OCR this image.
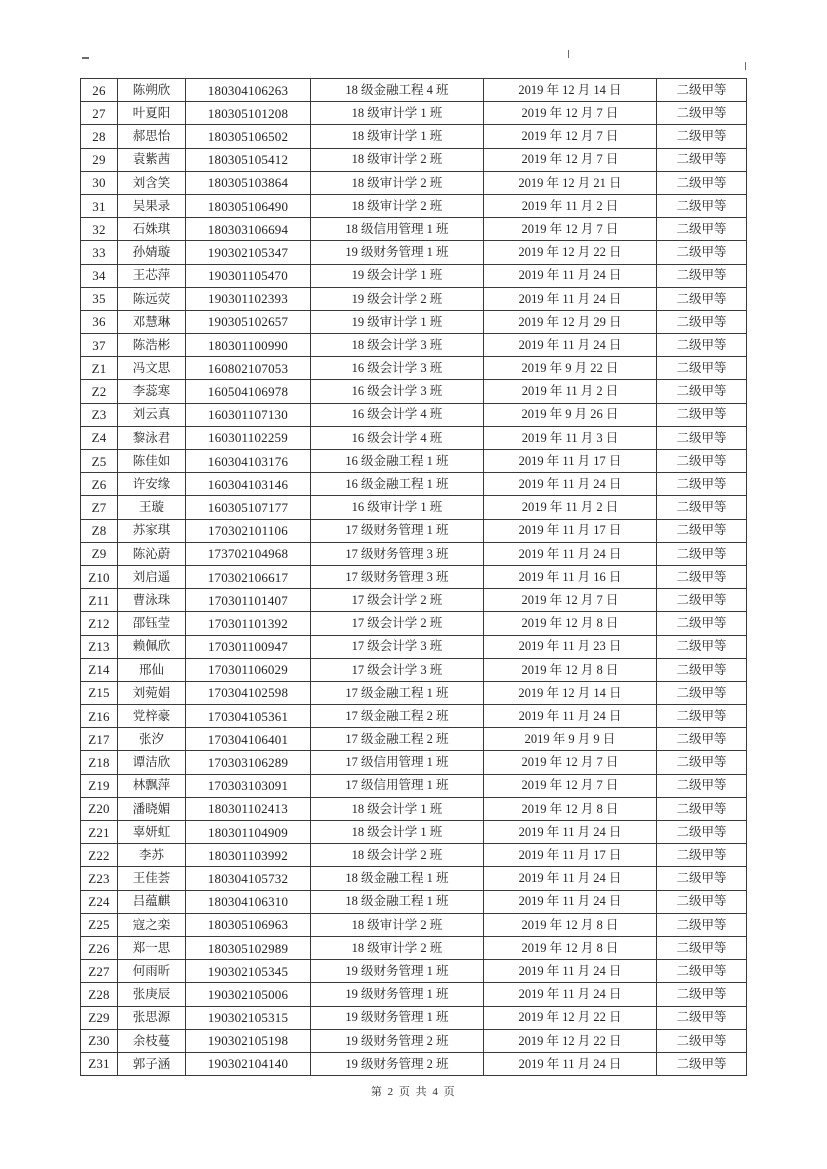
26	陈朔欣	180304106263	18 级金融工程 4 班	2019 年 12 月 14 日	二级甲等
27	叶夏阳	180305101208	18 级审计学 1 班	2019 年 12 月 7 日	二级甲等
28	郝思怡	180305106502	18 级审计学 1 班	2019 年 12 月 7 日	二级甲等
29	袁紫茜	180305105412	18 级审计学 2 班	2019 年 12 月 7 日	二级甲等
30	刘含笑	180305103864	18 级审计学 2 班	2019 年 12 月 21 日	二级甲等
31	吴果录	180305106490	18 级审计学 2 班	2019 年 11 月 2 日	二级甲等
32	石姝琪	180303106694	18 级信用管理 1 班	2019 年 12 月 7 日	二级甲等
33	孙婧璇	190302105347	19 级财务管理 1 班	2019 年 12 月 22 日	二级甲等
34	王芯萍	190301105470	19 级会计学 1 班	2019 年 11 月 24 日	二级甲等
35	陈远荧	190301102393	19 级会计学 2 班	2019 年 11 月 24 日	二级甲等
36	邓慧琳	190305102657	19 级审计学 1 班	2019 年 12 月 29 日	二级甲等
37	陈浩彬	180301100990	18 级会计学 3 班	2019 年 11 月 24 日	二级甲等
Z1	冯文思	160802107053	16 级会计学 3 班	2019 年 9 月 22 日	二级甲等
Z2	李蕊寒	160504106978	16 级会计学 3 班	2019 年 11 月 2 日	二级甲等
Z3	刘云真	160301107130	16 级会计学 4 班	2019 年 9 月 26 日	二级甲等
Z4	黎泳君	160301102259	16 级会计学 4 班	2019 年 11 月 3 日	二级甲等
Z5	陈佳如	160304103176	16 级金融工程 1 班	2019 年 11 月 17 日	二级甲等
Z6	许安缘	160304103146	16 级金融工程 1 班	2019 年 11 月 24 日	二级甲等
Z7	王璇	160305107177	16 级审计学 1 班	2019 年 11 月 2 日	二级甲等
Z8	苏家琪	170302101106	17 级财务管理 1 班	2019 年 11 月 17 日	二级甲等
Z9	陈沁蔚	173702104968	17 级财务管理 3 班	2019 年 11 月 24 日	二级甲等
Z10	刘启遥	170302106617	17 级财务管理 3 班	2019 年 11 月 16 日	二级甲等
Z11	曹泳珠	170301101407	17 级会计学 2 班	2019 年 12 月 7 日	二级甲等
Z12	邵钰莹	170301101392	17 级会计学 2 班	2019 年 12 月 8 日	二级甲等
Z13	赖佩欣	170301100947	17 级会计学 3 班	2019 年 11 月 23 日	二级甲等
Z14	邢仙	170301106029	17 级会计学 3 班	2019 年 12 月 8 日	二级甲等
Z15	刘菀娟	170304102598	17 级金融工程 1 班	2019 年 12 月 14 日	二级甲等
Z16	党梓豪	170304105361	17 级金融工程 2 班	2019 年 11 月 24 日	二级甲等
Z17	张汐	170304106401	17 级金融工程 2 班	2019 年 9 月 9 日	二级甲等
Z18	谭洁欣	170303106289	17 级信用管理 1 班	2019 年 12 月 7 日	二级甲等
Z19	林飘萍	170303103091	17 级信用管理 1 班	2019 年 12 月 7 日	二级甲等
Z20	潘晓媚	180301102413	18 级会计学 1 班	2019 年 12 月 8 日	二级甲等
Z21	辜妍虹	180301104909	18 级会计学 1 班	2019 年 11 月 24 日	二级甲等
Z22	李苏	180301103992	18 级会计学 2 班	2019 年 11 月 17 日	二级甲等
Z23	王佳荟	180304105732	18 级金融工程 1 班	2019 年 11 月 24 日	二级甲等
Z24	吕蕴麒	180304106310	18 级金融工程 1 班	2019 年 11 月 24 日	二级甲等
Z25	寇之栾	180305106963	18 级审计学 2 班	2019 年 12 月 8 日	二级甲等
Z26	郑一思	180305102989	18 级审计学 2 班	2019 年 12 月 8 日	二级甲等
Z27	何雨昕	190302105345	19 级财务管理 1 班	2019 年 11 月 24 日	二级甲等
Z28	张庚辰	190302105006	19 级财务管理 1 班	2019 年 11 月 24 日	二级甲等
Z29	张思源	190302105315	19 级财务管理 1 班	2019 年 12 月 22 日	二级甲等
Z30	余枝蔓	190302105198	19 级财务管理 2 班	2019 年 12 月 22 日	二级甲等
Z31	郭子涵	190302104140	19 级财务管理 2 班	2019 年 11 月 24 日	二级甲等
第 2 页 共 4 页
